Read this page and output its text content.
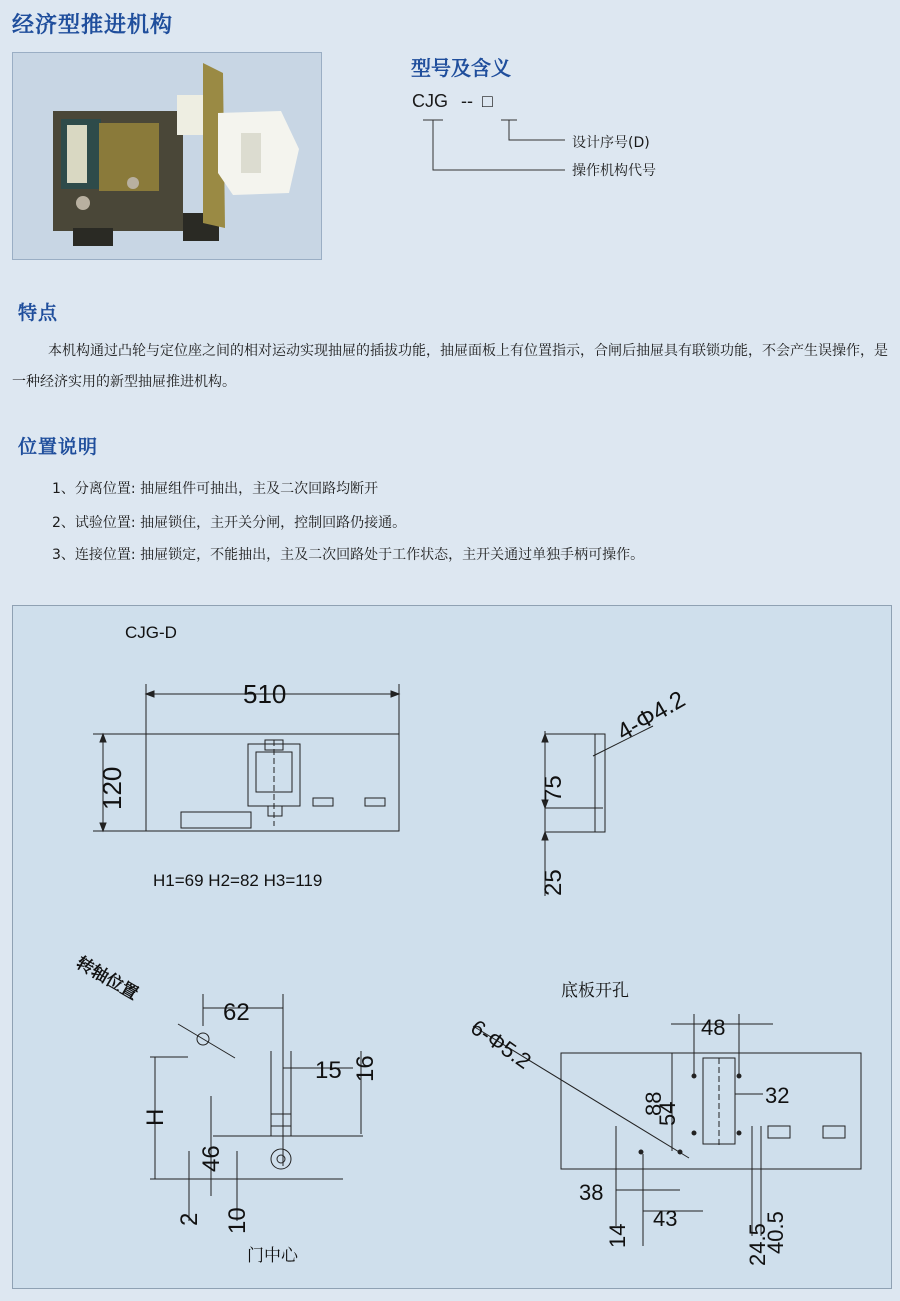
经济型推进机构
型号及含义
CJG -- □
设计序号(D)
操作机构代号
特点
本机构通过凸轮与定位座之间的相对运动实现抽屉的插拔功能，抽屉面板上有位置指示，合闸后抽屉具有联锁功能，不会产生误操作，是一种经济实用的新型抽屉推进机构。
位置说明
1、分离位置: 抽屉组件可抽出，主及二次回路均断开
2、试验位置: 抽屉锁住，主开关分闸，控制回路仍接通。
3、连接位置: 抽屉锁定，不能抽出，主及二次回路处于工作状态，主开关通过单独手柄可操作。
CJG-D
510
120
H1=69 H2=82 H3=119
75
25
4-Φ4.2
转轴位置
62
H
15 16
46
2 10
门中心
底板开孔
48
32
88
54
6-Φ5.2
38
14
43
24.5
40.5
